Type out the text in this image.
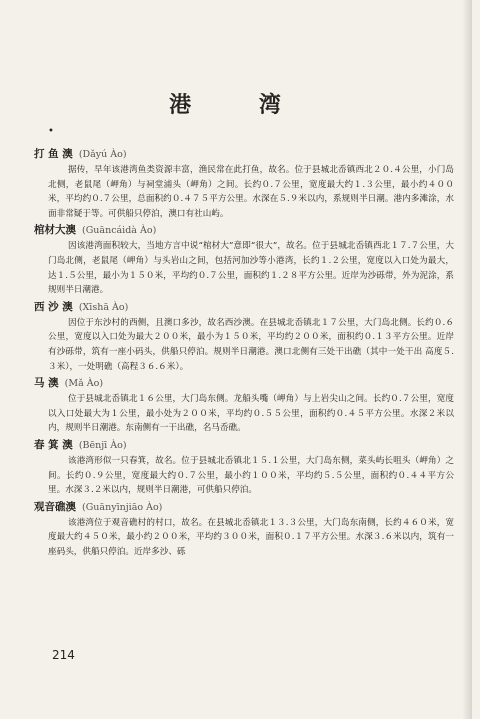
港 湾
•
打 鱼 澳 (Dǎyú Ào)
据传，早年该港湾鱼类资源丰富，渔民常在此打鱼，故名。位于县城北岙镇西北２０.４公里，小门岛北侧，老鼠尾（岬角）与祠堂浦头（岬角）之间。长约０.７公里，宽度最大约１.３公里，最小约４００米，平均约０.７公里，总面积约０.４７５平方公里。水深在５.９米以内，系规则半日潮。港内多滩涂，水面非常疑于等。可供船只停泊，澳口有社山屿。
棺材大澳 (Guāncáidà Ào)
因该港湾面积较大，当地方言中说“棺材大”意即“很大”，故名。位于县城北岙镇西北１７.７公里，大门岛北侧，老鼠尾（岬角）与头岩山之间，包括河加沙等小港湾，长约１.２公里，宽度以入口处为最大，达１.５公里，最小为１５０米，平均约０.７公里，面积约１.２８平方公里。近岸为沙砾带，外为泥涂，系规则半日潮港。
西 沙 澳 (Xīshā Ào)
因位于东沙村的西侧，且澳口多沙，故名西沙澳。在县城北岙镇北１７公里，大门岛北侧。长约０.６公里，宽度以入口处为最大２００米，最小为１５０米，平均约２００米，面积约０.１３平方公里。近岸有沙砾带，筑有一座小码头，供船只停泊。规则半日潮港。澳口北侧有三处干出礁（其中一处干出 高度５.３米），一处明礁（高程３６.６米）。
马 澳 (Mǎ Ào)
位于县城北岙镇北１６公里，大门岛东侧。龙船头嘴（岬角）与上岩尖山之间。长约０.７公里，宽度以入口处最大为１公里，最小处为２００米，平均约０.５５公里，面积约０.４５平方公里。水深２米以内，规则半日潮港。东南侧有一干出礁，名马岙礁。
春 箕 澳 (Bēnjī Ào)
该港湾形似一只春箕，故名。位于县城北岙镇北１５.１公里，大门岛东侧，菜头屿长咀头（岬角）之间。长约０.９公里，宽度最大约０.７公里，最小约１００米，平均约５.５公里，面积约０.４４平方公里。水深３.２米以内，规则半日潮港，可供船只停泊。
观音礁澳 (Guānyīnjiāo Ào)
该港湾位于观音礁村的村口，故名。在县城北岙镇北１３.３公里，大门岛东南侧，长约４６０米，宽度最大约４５０米，最小约２００米，平均约３００米，面积０.１７平方公里。水深３.６米以内，筑有一座码头，供船只停泊。近岸多沙、砾
214
